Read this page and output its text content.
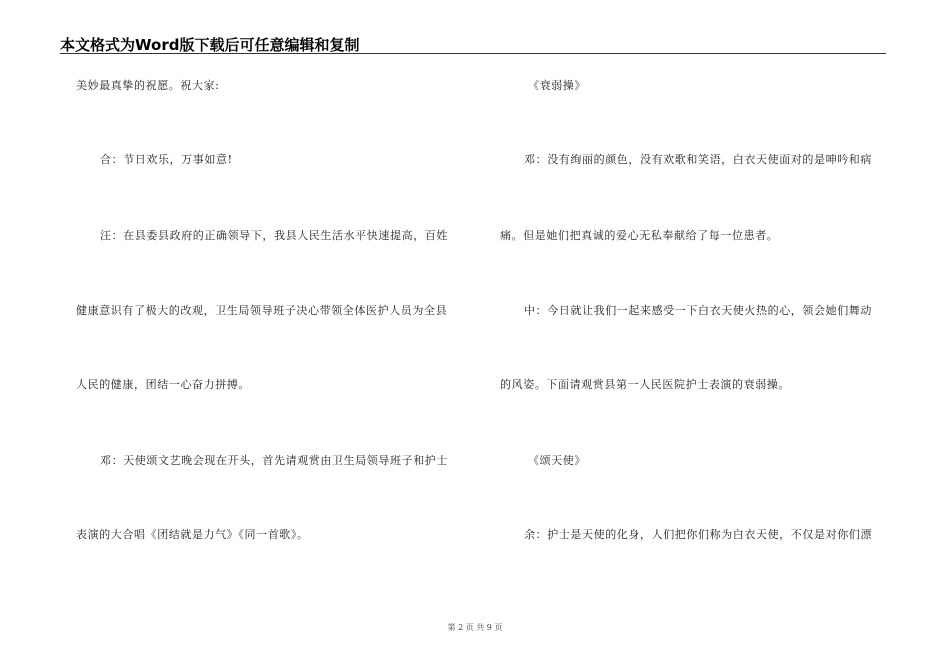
本文格式为Word版下载后可任意编辑和复制
美妙最真挚的祝愿。祝大家:
合：节日欢乐，万事如意!
汪：在县委县政府的正确领导下，我县人民生活水平快速提高，百姓
健康意识有了极大的改观，卫生局领导班子决心带领全体医护人员为全县
人民的健康，团结一心奋力拼搏。
邓：天使颂文艺晚会现在开头，首先请观赏由卫生局领导班子和护士
表演的大合唱《团结就是力气》《同一首歌》。
《衰弱操》
邓：没有绚丽的颜色，没有欢歌和笑语，白衣天使面对的是呻吟和病
痛。但是她们把真诚的爱心无私奉献给了每一位患者。
中：今日就让我们一起来感受一下白衣天使火热的心，领会她们舞动
的风姿。下面请观赏县第一人民医院护士表演的衰弱操。
《颂天使》
余：护士是天使的化身，人们把你们称为白衣天使，不仅是对你们漂
第 2 页 共 9 页
